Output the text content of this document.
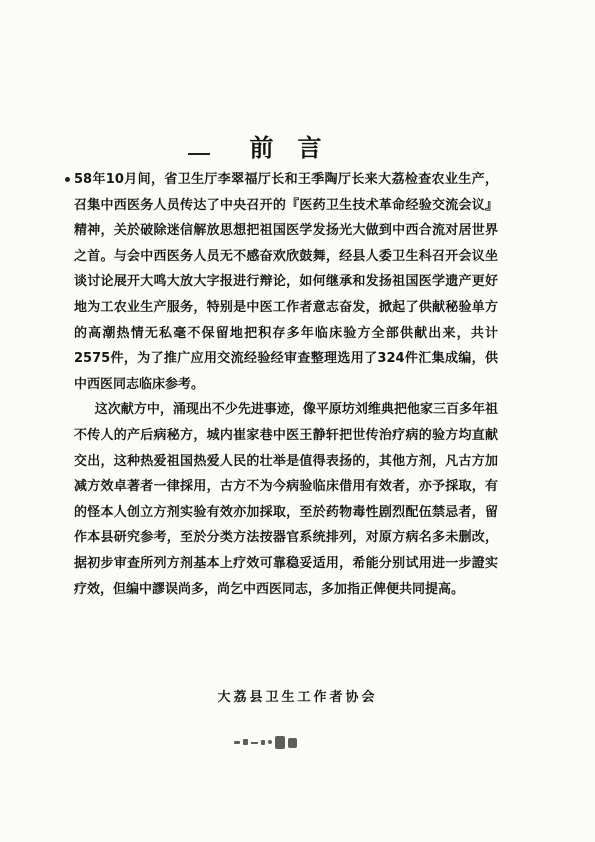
前言

58年10月间，省卫生厅李翠福厅长和王季陶厅长来大荔检查农业生产，召集中西医务人员传达了中央召开的『医药卫生技术革命经验交流会议』精神，关於破除迷信解放思想把祖国医学发扬光大做到中西合流对居世界之首。与会中西医务人员无不感奋欢欣鼓舞，经县人委卫生科召开会议坐谈讨论展开大鸣大放大字报进行辩论，如何继承和发扬祖国医学遗产更好地为工农业生产服务，特别是中医工作者意志奋发，掀起了供献秘验单方的高潮热情无私毫不保留地把积存多年临床验方全部供献出来，共计2575件，为了推广应用交流经验经审查整理选用了324件汇集成编，供中西医同志临床参考。

这次献方中，涌现出不少先进事迹，像平原坊刘维典把他家三百多年祖不传人的产后病秘方，城内崔家巷中医王静轩把世传治疗病的验方均直献交出，这种热爱祖国热爱人民的壮举是值得表扬的，其他方剂，凡古方加减方效卓著者一律採用，古方不为今病验临床借用有效者，亦予採取，有的怪本人创立方剂实验有效亦加採取，至於药物毒性剧烈配伍禁忌者，留作本县研究参考，至於分类方法按器官系统排列，对原方病名多未删改，据初步审查所列方剂基本上疗效可靠稳妥适用，希能分别试用进一步證实疗效，但编中謬误尚多，尚乞中西医同志，多加指正俾便共同提高。

大荔县卫生工作者协会
